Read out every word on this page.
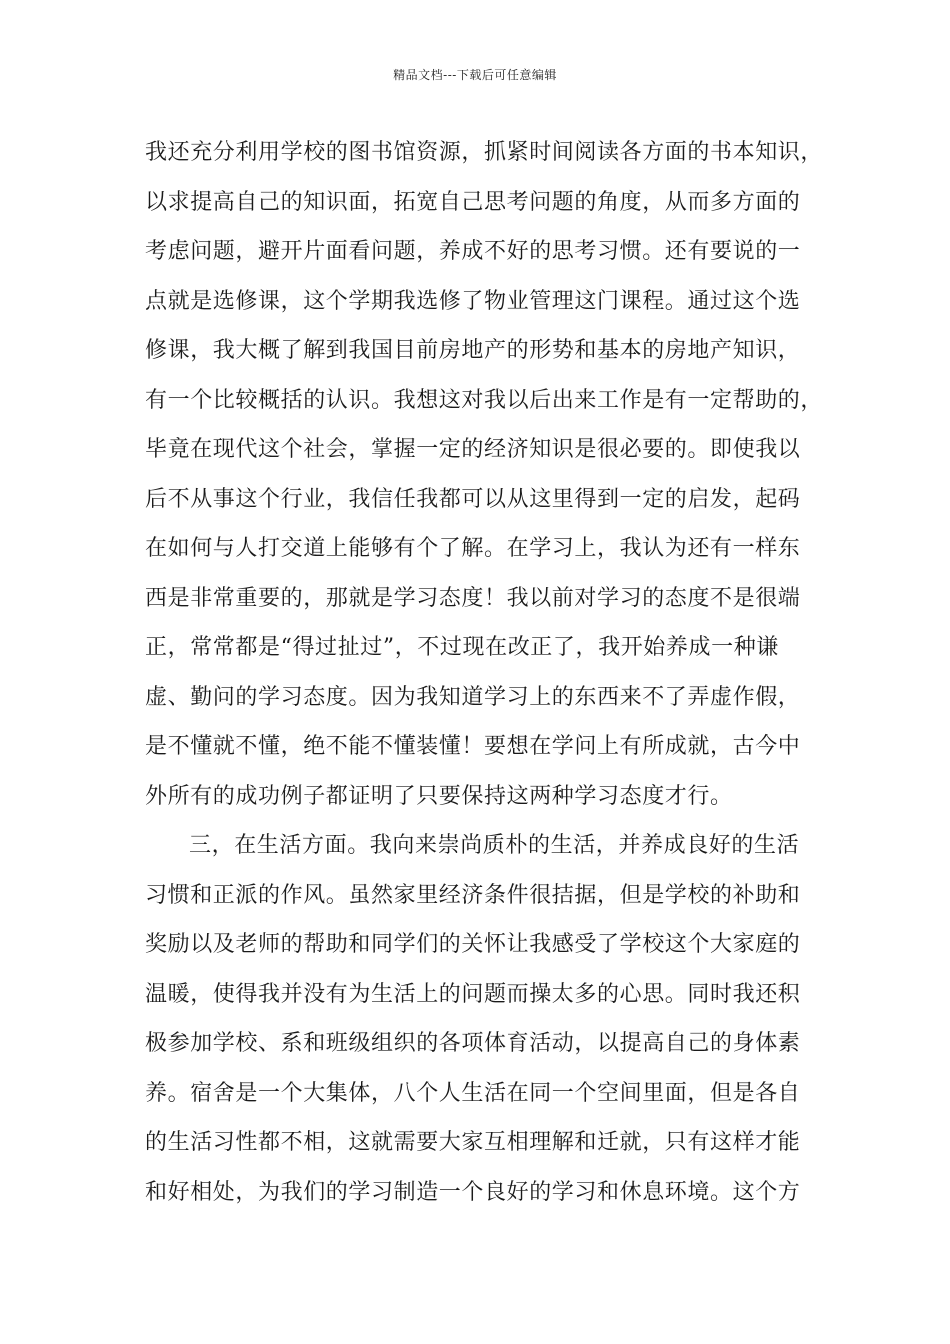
精品文档---下载后可任意编辑
我还充分利用学校的图书馆资源，抓紧时间阅读各方面的书本知识，
以求提高自己的知识面，拓宽自己思考问题的角度，从而多方面的
考虑问题，避开片面看问题，养成不好的思考习惯。还有要说的一
点就是选修课，这个学期我选修了物业管理这门课程。通过这个选
修课，我大概了解到我国目前房地产的形势和基本的房地产知识，
有一个比较概括的认识。我想这对我以后出来工作是有一定帮助的，
毕竟在现代这个社会，掌握一定的经济知识是很必要的。即使我以
后不从事这个行业，我信任我都可以从这里得到一定的启发，起码
在如何与人打交道上能够有个了解。在学习上，我认为还有一样东
西是非常重要的，那就是学习态度！我以前对学习的态度不是很端
正，常常都是“得过扯过”，不过现在改正了，我开始养成一种谦
虚、勤问的学习态度。因为我知道学习上的东西来不了弄虚作假，
是不懂就不懂，绝不能不懂装懂！要想在学问上有所成就，古今中
外所有的成功例子都证明了只要保持这两种学习态度才行。
三，在生活方面。我向来崇尚质朴的生活，并养成良好的生活
习惯和正派的作风。虽然家里经济条件很拮据，但是学校的补助和
奖励以及老师的帮助和同学们的关怀让我感受了学校这个大家庭的
温暖，使得我并没有为生活上的问题而操太多的心思。同时我还积
极参加学校、系和班级组织的各项体育活动，以提高自己的身体素
养。宿舍是一个大集体，八个人生活在同一个空间里面，但是各自
的生活习性都不相，这就需要大家互相理解和迁就，只有这样才能
和好相处，为我们的学习制造一个良好的学习和休息环境。这个方
